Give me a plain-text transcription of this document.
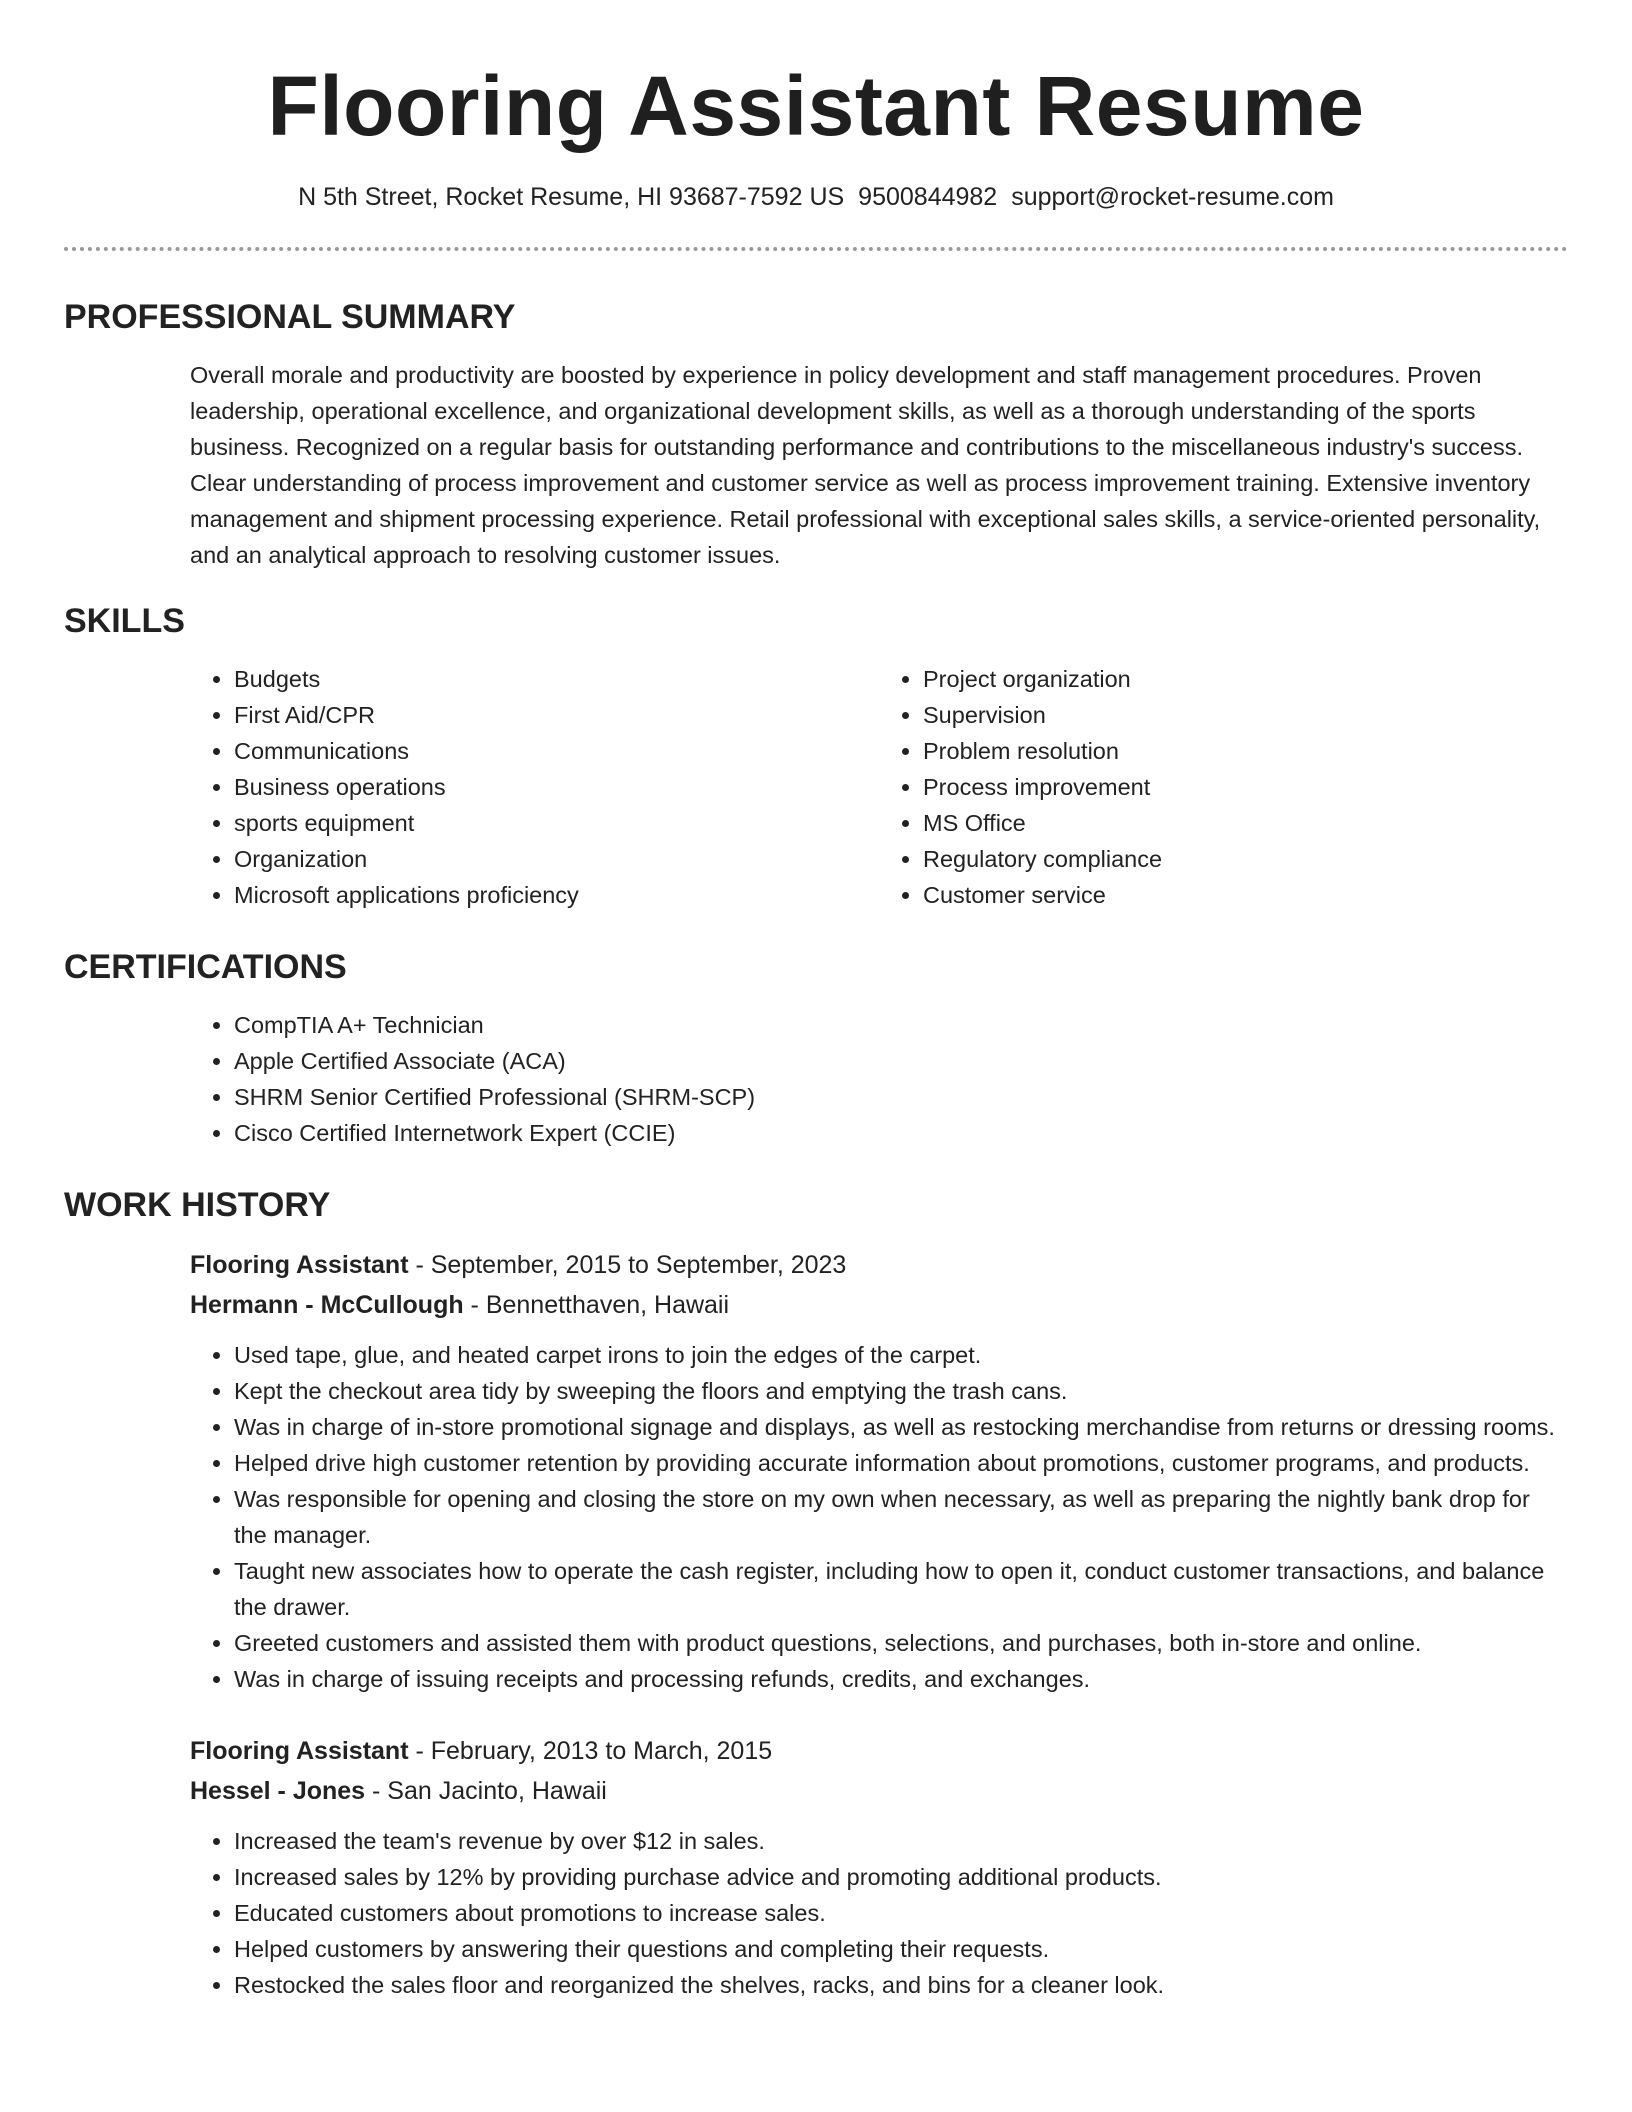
Flooring Assistant Resume
N 5th Street, Rocket Resume, HI 93687-7592 US 9500844982 support@rocket-resume.com
PROFESSIONAL SUMMARY

Overall morale and productivity are boosted by experience in policy development and staff management procedures. Proven leadership, operational excellence, and organizational development skills, as well as a thorough understanding of the sports business. Recognized on a regular basis for outstanding performance and contributions to the miscellaneous industry's success. Clear understanding of process improvement and customer service as well as process improvement training. Extensive inventory management and shipment processing experience. Retail professional with exceptional sales skills, a service-oriented personality, and an analytical approach to resolving customer issues.

SKILLS
• Budgets
• First Aid/CPR
• Communications
• Business operations
• sports equipment
• Organization
• Microsoft applications proficiency
• Project organization
• Supervision
• Problem resolution
• Process improvement
• MS Office
• Regulatory compliance
• Customer service
CERTIFICATIONS
• CompTIA A+ Technician
• Apple Certified Associate (ACA)
• SHRM Senior Certified Professional (SHRM-SCP)
• Cisco Certified Internetwork Expert (CCIE)
WORK HISTORY
Flooring Assistant - September, 2015 to September, 2023
Hermann - McCullough - Bennetthaven, Hawaii
• Used tape, glue, and heated carpet irons to join the edges of the carpet.
• Kept the checkout area tidy by sweeping the floors and emptying the trash cans.
• Was in charge of in-store promotional signage and displays, as well as restocking merchandise from returns or dressing rooms.
• Helped drive high customer retention by providing accurate information about promotions, customer programs, and products.
• Was responsible for opening and closing the store on my own when necessary, as well as preparing the nightly bank drop for the manager.
• Taught new associates how to operate the cash register, including how to open it, conduct customer transactions, and balance the drawer.
• Greeted customers and assisted them with product questions, selections, and purchases, both in-store and online.
• Was in charge of issuing receipts and processing refunds, credits, and exchanges.
Flooring Assistant - February, 2013 to March, 2015
Hessel - Jones - San Jacinto, Hawaii
• Increased the team's revenue by over $12 in sales.
• Increased sales by 12% by providing purchase advice and promoting additional products.
• Educated customers about promotions to increase sales.
• Helped customers by answering their questions and completing their requests.
• Restocked the sales floor and reorganized the shelves, racks, and bins for a cleaner look.
